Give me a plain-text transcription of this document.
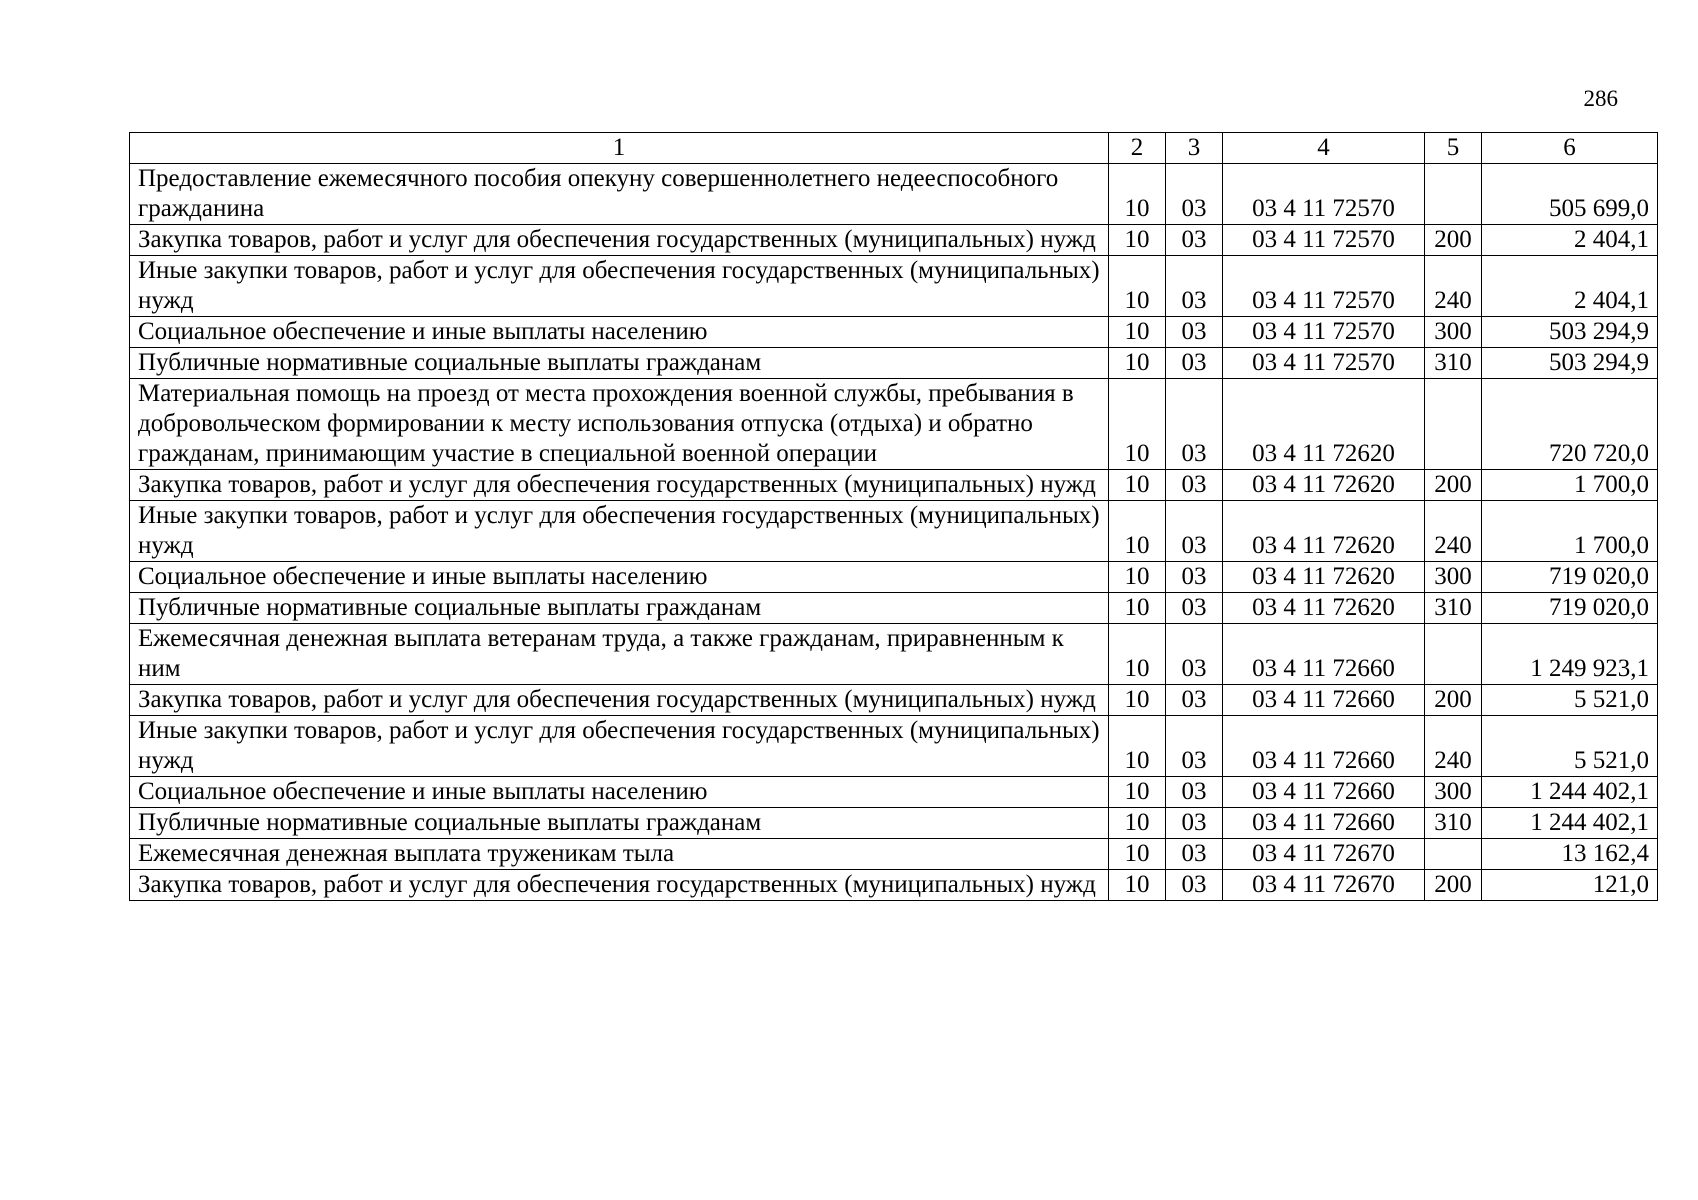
286
1	2	3	4	5	6
Предоставление ежемесячного пособия опекуну совершеннолетнего недееспособного гражданина	10	03	03 4 11 72570		505 699,0
Закупка товаров, работ и услуг для обеспечения государственных (муниципальных) нужд	10	03	03 4 11 72570	200	2 404,1
Иные закупки товаров, работ и услуг для обеспечения государственных (муниципальных) нужд	10	03	03 4 11 72570	240	2 404,1
Социальное обеспечение и иные выплаты населению	10	03	03 4 11 72570	300	503 294,9
Публичные нормативные социальные выплаты гражданам	10	03	03 4 11 72570	310	503 294,9
Материальная помощь на проезд от места прохождения военной службы, пребывания в добровольческом формировании к месту использования отпуска (отдыха) и обратно гражданам, принимающим участие в специальной военной операции	10	03	03 4 11 72620		720 720,0
Закупка товаров, работ и услуг для обеспечения государственных (муниципальных) нужд	10	03	03 4 11 72620	200	1 700,0
Иные закупки товаров, работ и услуг для обеспечения государственных (муниципальных) нужд	10	03	03 4 11 72620	240	1 700,0
Социальное обеспечение и иные выплаты населению	10	03	03 4 11 72620	300	719 020,0
Публичные нормативные социальные выплаты гражданам	10	03	03 4 11 72620	310	719 020,0
Ежемесячная денежная выплата ветеранам труда, а также гражданам, приравненным к ним	10	03	03 4 11 72660		1 249 923,1
Закупка товаров, работ и услуг для обеспечения государственных (муниципальных) нужд	10	03	03 4 11 72660	200	5 521,0
Иные закупки товаров, работ и услуг для обеспечения государственных (муниципальных) нужд	10	03	03 4 11 72660	240	5 521,0
Социальное обеспечение и иные выплаты населению	10	03	03 4 11 72660	300	1 244 402,1
Публичные нормативные социальные выплаты гражданам	10	03	03 4 11 72660	310	1 244 402,1
Ежемесячная денежная выплата труженикам тыла	10	03	03 4 11 72670		13 162,4
Закупка товаров, работ и услуг для обеспечения государственных (муниципальных) нужд	10	03	03 4 11 72670	200	121,0
